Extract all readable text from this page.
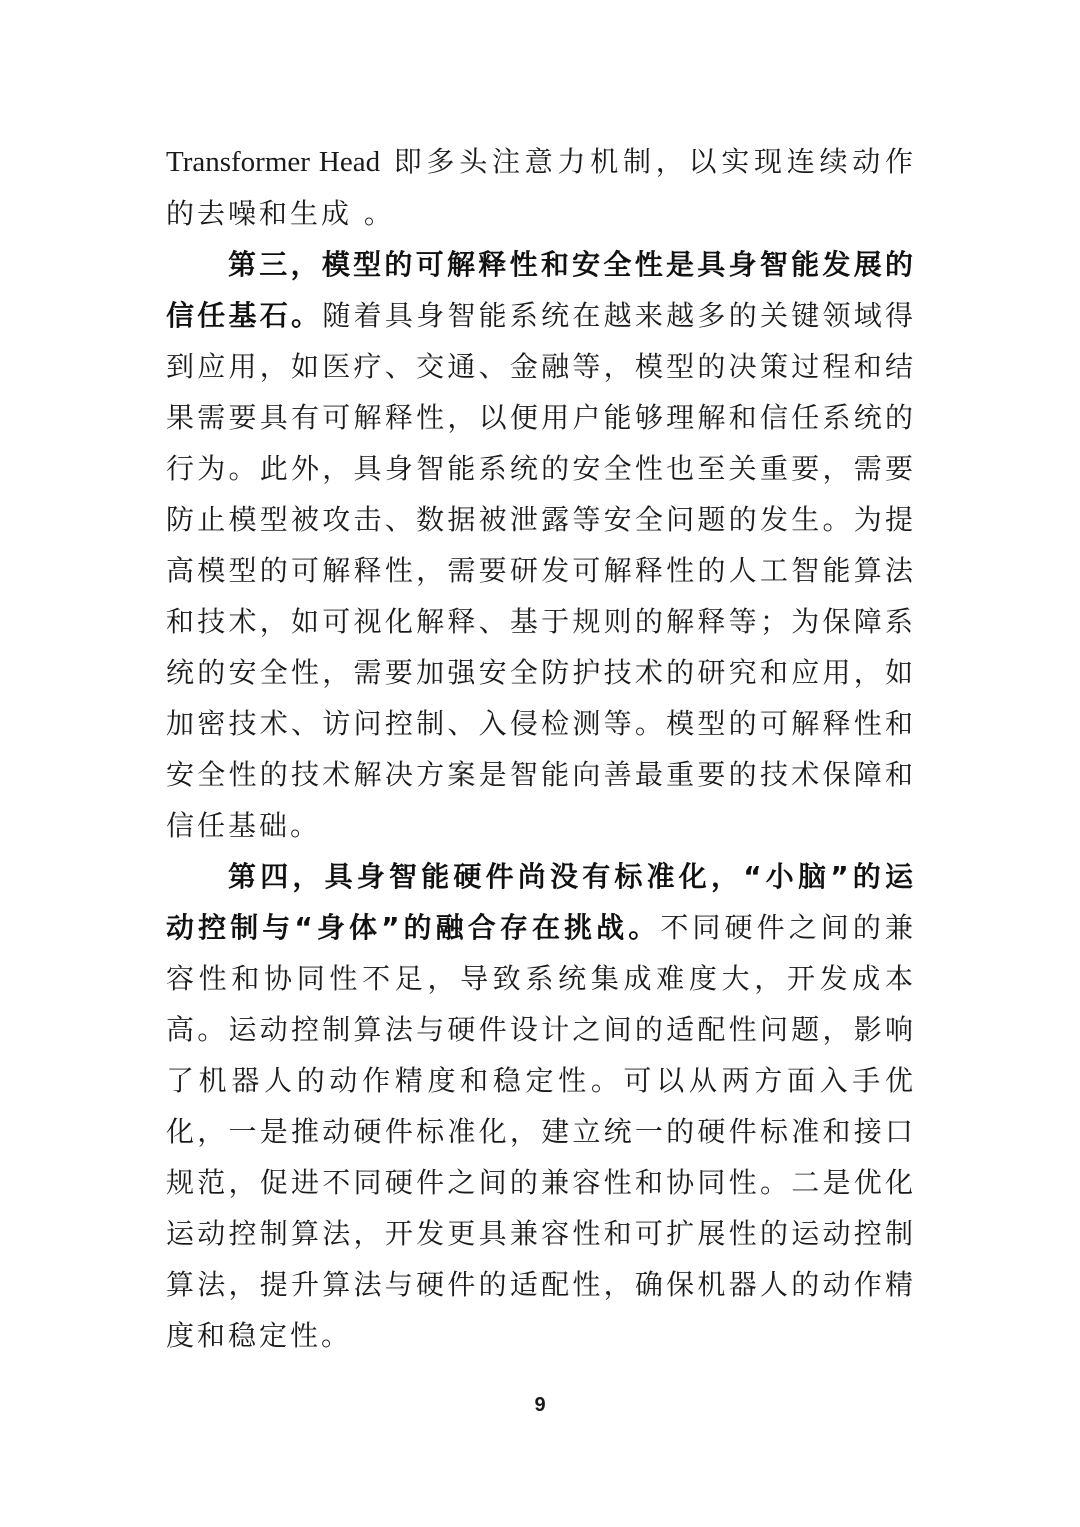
Transformer Head 即多头注意力机制，以实现连续动作的去噪和生成 。

第三，模型的可解释性和安全性是具身智能发展的信任基石。随着具身智能系统在越来越多的关键领域得到应用，如医疗、交通、金融等，模型的决策过程和结果需要具有可解释性，以便用户能够理解和信任系统的行为。此外，具身智能系统的安全性也至关重要，需要防止模型被攻击、数据被泄露等安全问题的发生。为提高模型的可解释性，需要研发可解释性的人工智能算法和技术，如可视化解释、基于规则的解释等；为保障系统的安全性，需要加强安全防护技术的研究和应用，如加密技术、访问控制、入侵检测等。模型的可解释性和安全性的技术解决方案是智能向善最重要的技术保障和信任基础。

第四，具身智能硬件尚没有标准化，“小脑”的运动控制与“身体”的融合存在挑战。不同硬件之间的兼容性和协同性不足，导致系统集成难度大，开发成本高。运动控制算法与硬件设计之间的适配性问题，影响了机器人的动作精度和稳定性。可以从两方面入手优化，一是推动硬件标准化，建立统一的硬件标准和接口规范，促进不同硬件之间的兼容性和协同性。二是优化运动控制算法，开发更具兼容性和可扩展性的运动控制算法，提升算法与硬件的适配性，确保机器人的动作精度和稳定性。

9
